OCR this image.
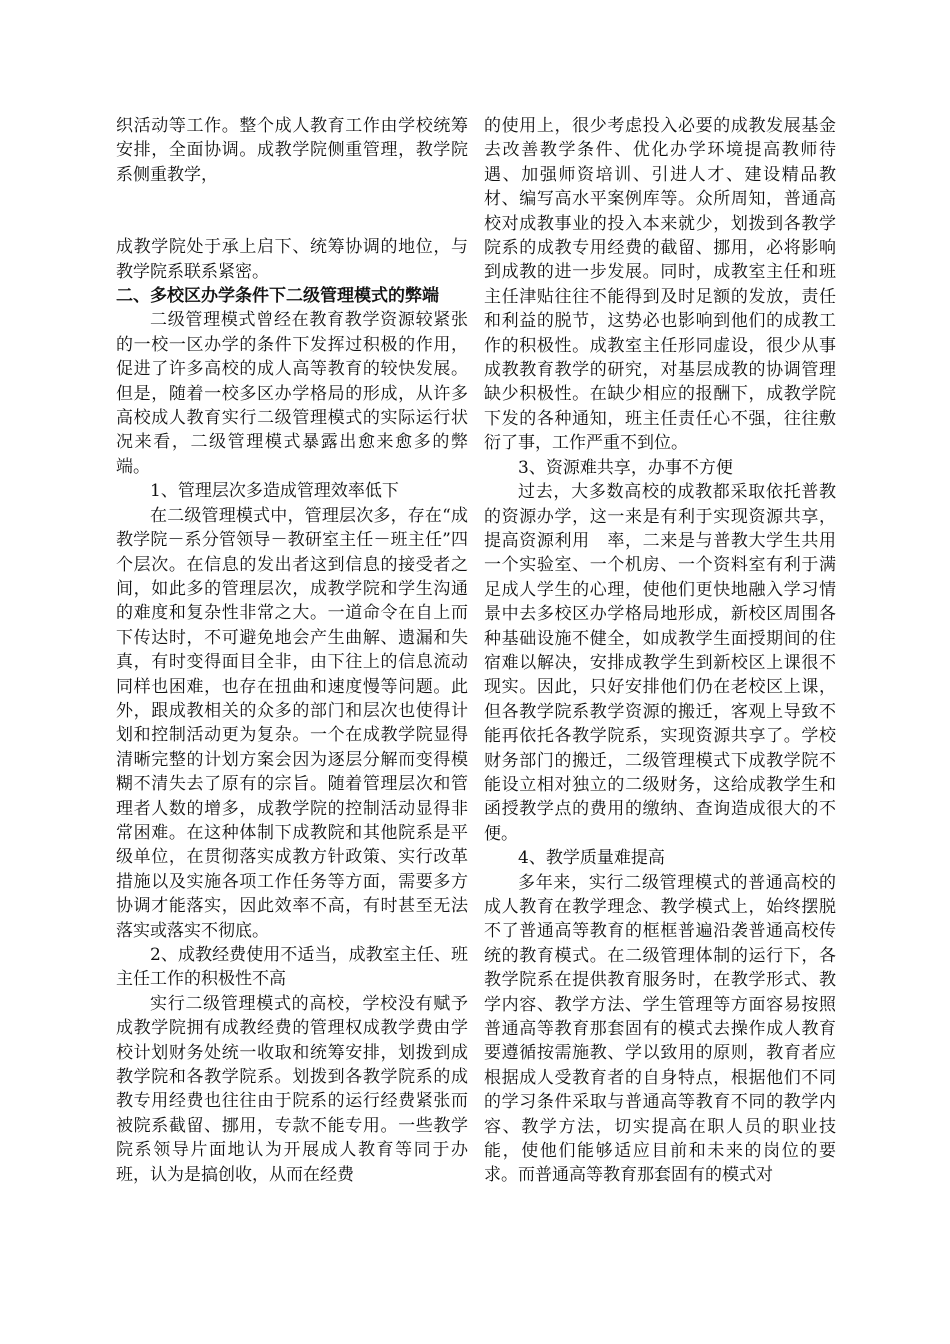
织活动等工作。整个成人教育工作由学校统筹安排，全面协调。成教学院侧重管理，教学院系侧重教学，

成教学院处于承上启下、统筹协调的地位，与教学院系联系紧密。

二、多校区办学条件下二级管理模式的弊端

二级管理模式曾经在教育教学资源较紧张的一校一区办学的条件下发挥过积极的作用，促进了许多高校的成人高等教育的较快发展。但是，随着一校多区办学格局的形成，从许多高校成人教育实行二级管理模式的实际运行状况来看，二级管理模式暴露出愈来愈多的弊端。

1、管理层次多造成管理效率低下

在二级管理模式中，管理层次多，存在“成教学院－系分管领导－教研室主任－班主任”四个层次。在信息的发出者这到信息的接受者之间，如此多的管理层次，成教学院和学生沟通的难度和复杂性非常之大。一道命令在自上而下传达时，不可避免地会产生曲解、遗漏和失真，有时变得面目全非，由下往上的信息流动同样也困难，也存在扭曲和速度慢等问题。此外，跟成教相关的众多的部门和层次也使得计划和控制活动更为复杂。一个在成教学院显得清晰完整的计划方案会因为逐层分解而变得模糊不清失去了原有的宗旨。随着管理层次和管理者人数的增多，成教学院的控制活动显得非常困难。在这种体制下成教院和其他院系是平级单位，在贯彻落实成教方针政策、实行改革措施以及实施各项工作任务等方面，需要多方协调才能落实，因此效率不高，有时甚至无法落实或落实不彻底。

2、成教经费使用不适当，成教室主任、班主任工作的积极性不高

实行二级管理模式的高校，学校没有赋予成教学院拥有成教经费的管理权成教学费由学校计划财务处统一收取和统筹安排，划拨到成教学院和各教学院系。划拨到各教学院系的成教专用经费也往往由于院系的运行经费紧张而被院系截留、挪用，专款不能专用。一些教学院系领导片面地认为开展成人教育等同于办班，认为是搞创收，从而在经费

的使用上，很少考虑投入必要的成教发展基金去改善教学条件、优化办学环境提高教师待遇、加强师资培训、引进人才、建设精品教材、编写高水平案例库等。众所周知，普通高校对成教事业的投入本来就少，划拨到各教学院系的成教专用经费的截留、挪用，必将影响到成教的进一步发展。同时，成教室主任和班主任津贴往往不能得到及时足额的发放，责任和利益的脱节，这势必也影响到他们的成教工作的积极性。成教室主任形同虚设，很少从事成教教育教学的研究，对基层成教的协调管理缺少积极性。在缺少相应的报酬下，成教学院下发的各种通知，班主任责任心不强，往往敷衍了事，工作严重不到位。

3、资源难共享，办事不方便

过去，大多数高校的成教都采取依托普教的资源办学，这一来是有利于实现资源共享，提高资源利用　率，二来是与普教大学生共用一个实验室、一个机房、一个资料室有利于满足成人学生的心理，使他们更快地融入学习情景中去多校区办学格局地形成，新校区周围各种基础设施不健全，如成教学生面授期间的住宿难以解决，安排成教学生到新校区上课很不现实。因此，只好安排他们仍在老校区上课，但各教学院系教学资源的搬迁，客观上导致不能再依托各教学院系，实现资源共享了。学校财务部门的搬迁，二级管理模式下成教学院不能设立相对独立的二级财务，这给成教学生和函授教学点的费用的缴纳、查询造成很大的不便。

4、教学质量难提高

多年来，实行二级管理模式的普通高校的成人教育在教学理念、教学模式上，始终摆脱不了普通高等教育的框框普遍沿袭普通高校传统的教育模式。在二级管理体制的运行下，各教学院系在提供教育服务时，在教学形式、教学内容、教学方法、学生管理等方面容易按照普通高等教育那套固有的模式去操作成人教育要遵循按需施教、学以致用的原则，教育者应根据成人受教育者的自身特点，根据他们不同的学习条件采取与普通高等教育不同的教学内容、教学方法，切实提高在职人员的职业技能，使他们能够适应目前和未来的岗位的要求。而普通高等教育那套固有的模式对
